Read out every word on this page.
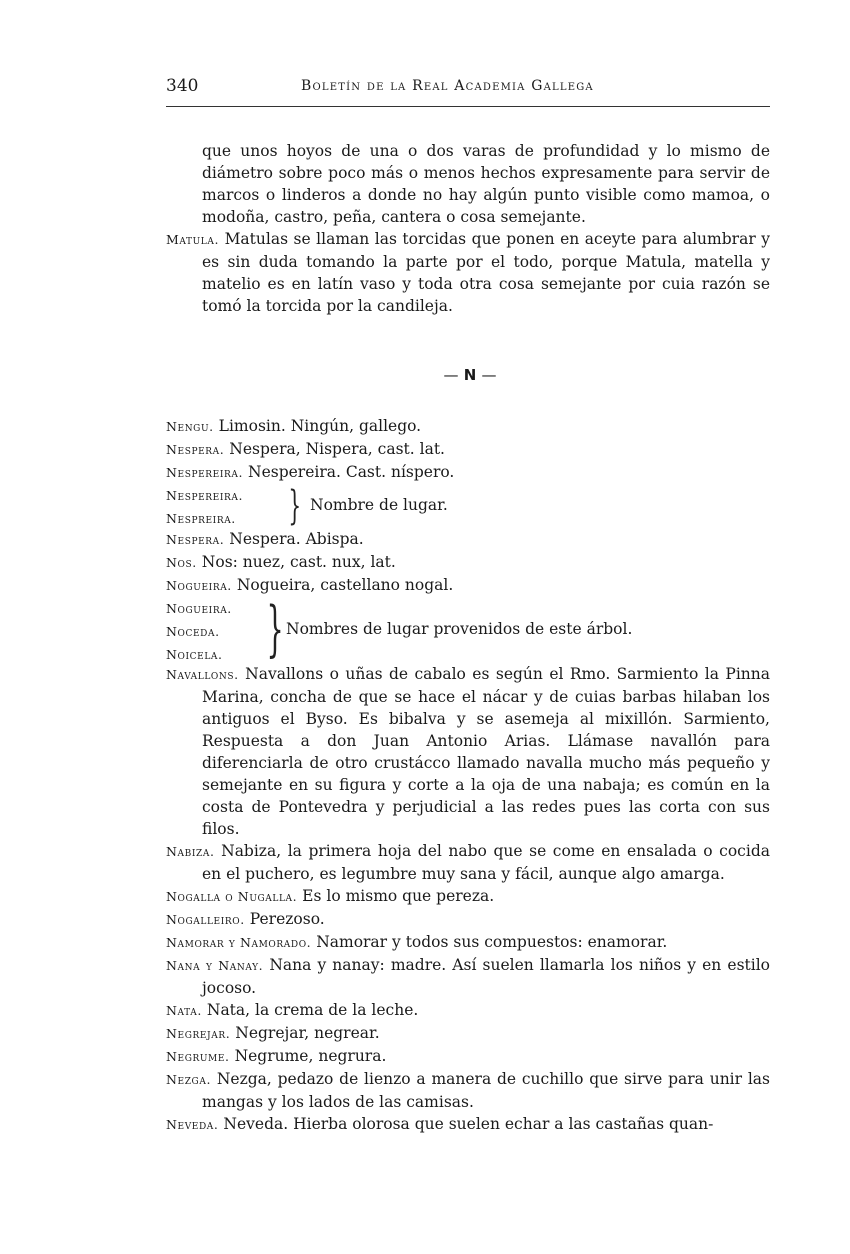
340	Boletín de la Real Academia Gallega

que unos hoyos de una o dos varas de profundidad y lo mismo de diámetro sobre poco más o menos hechos expresamente para servir de marcos o linderos a donde no hay algún punto visible como mamoa, o modoña, castro, peña, cantera o cosa semejante.

Matula. Matulas se llaman las torcidas que ponen en aceyte para alumbrar y es sin duda tomando la parte por el todo, porque Matula, matella y matelio es en latín vaso y toda otra cosa semejante por cuia razón se tomó la torcida por la candileja.

— N —

Nengu. Limosin. Ningún, gallego.

Nespera. Nespera, Nispera, cast. lat.

Nespereira. Nespereira. Cast. níspero.

Nespereira.

Nespreira.	} Nombre de lugar.

Nespera. Nespera. Abispa.

Nos. Nos: nuez, cast. nux, lat.

Nogueira. Nogueira, castellano nogal.

Nogueira.

Noceda.

Noicela. } Nombres de lugar provenidos de este árbol.

Navallons. Navallons o uñas de cabalo es según el Rmo. Sarmiento la Pinna Marina, concha de que se hace el nácar y de cuias barbas hilaban los antiguos el Byso. Es bibalva y se asemeja al mixillón. Sarmiento, Respuesta a don Juan Antonio Arias. Llámase navallón para diferenciarla de otro crustácco llamado navalla mucho más pequeño y semejante en su figura y corte a la oja de una nabaja; es común en la costa de Pontevedra y perjudicial a las redes pues las corta con sus filos.

Nabiza. Nabiza, la primera hoja del nabo que se come en ensalada o cocida en el puchero, es legumbre muy sana y fácil, aunque algo amarga.

Nogalla o Nugalla. Es lo mismo que pereza.

Nogalleiro. Perezoso.

Namorar y Namorado. Namorar y todos sus compuestos: enamorar.

Nana y Nanay. Nana y nanay: madre. Así suelen llamarla los niños y en estilo jocoso.

Nata. Nata, la crema de la leche.

Negrejar. Negrejar, negrear.

Negrume. Negrume, negrura.

Nezga. Nezga, pedazo de lienzo a manera de cuchillo que sirve para unir las mangas y los lados de las camisas.

Neveda. Neveda. Hierba olorosa que suelen echar a las castañas quan-
